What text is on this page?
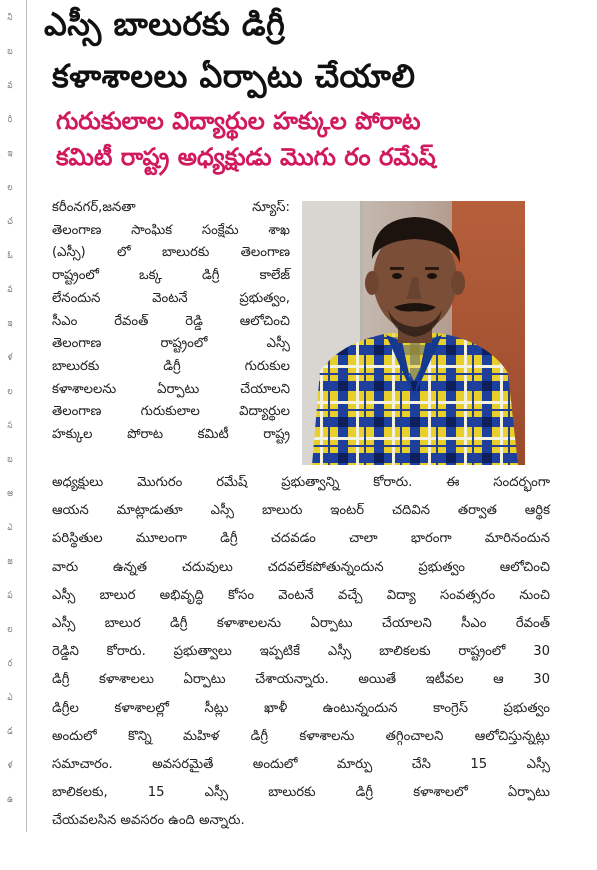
ని
బ
వ
రి
ఇ
ల
చ
ఓ
వ
ఇ
ళ
ల
స
బ
ఆ
ఎ
జ
ప
ల
ర
ఎ
డ
ళ
ఉ
ఎస్సీ బాలురకు డిగ్రీ
కళాశాలలు ఏర్పాటు చేయాలి
గురుకులాల విద్యార్థుల హక్కుల పోరాట
కమిటీ రాష్ట్ర అధ్యక్షుడు మొగు రం రమేష్
కరీంనగర్,జనతా న్యూస్:
తెలంగాణ సాంఘిక సంక్షేమ శాఖ
(ఎస్సీ) లో బాలురకు తెలంగాణ
రాష్ట్రంలో ఒక్క డిగ్రీ కాలేజ్
లేనందున వెంటనే ప్రభుత్వం,
సీఎం రేవంత్ రెడ్డి ఆలోచించి
తెలంగాణ రాష్ట్రంలో ఎస్సీ
బాలురకు డిగ్రీ గురుకుల
కళాశాలలను ఏర్పాటు చేయాలని
తెలంగాణ గురుకులాల విద్యార్థుల
హక్కుల పోరాట కమిటీ రాష్ట్ర
అధ్యక్షులు మొగురం రమేష్ ప్రభుత్వాన్ని కోరారు. ఈ సందర్భంగా
ఆయన మాట్లాడుతూ ఎస్సీ బాలురు ఇంటర్ చదివిన తర్వాత ఆర్థిక
పరిస్థితుల మూలంగా డిగ్రీ చదవడం చాలా భారంగా మారినందున
వారు ఉన్నత చదువులు చదవలేకపోతున్నందున ప్రభుత్వం ఆలోచించి
ఎస్సీ బాలుర అభివృద్ధి కోసం వెంటనే వచ్చే విద్యా సంవత్సరం నుంచి
ఎస్సీ బాలుర డిగ్రీ కళాశాలలను ఏర్పాటు చేయాలని సీఎం రేవంత్
రెడ్డిని కోరారు. ప్రభుత్వాలు ఇప్పటికే ఎస్సీ బాలికలకు రాష్ట్రంలో 30
డిగ్రీ కళాశాలలు ఏర్పాటు చేశాయన్నారు. అయితే ఇటీవల ఆ 30
డిగ్రీల కళాశాలల్లో సీట్లు ఖాళీ ఉంటున్నందున కాంగ్రెస్ ప్రభుత్వం
అందులో కొన్ని మహిళ డిగ్రీ కళాశాలను తగ్గించాలని ఆలోచిస్తున్నట్లు
సమాచారం. అవసరమైతే అందులో మార్పు చేసి 15 ఎస్సీ
బాలికలకు, 15 ఎస్సీ బాలురకు డిగ్రీ కళాశాలలో ఏర్పాటు
చేయవలసిన అవసరం ఉంది అన్నారు.
